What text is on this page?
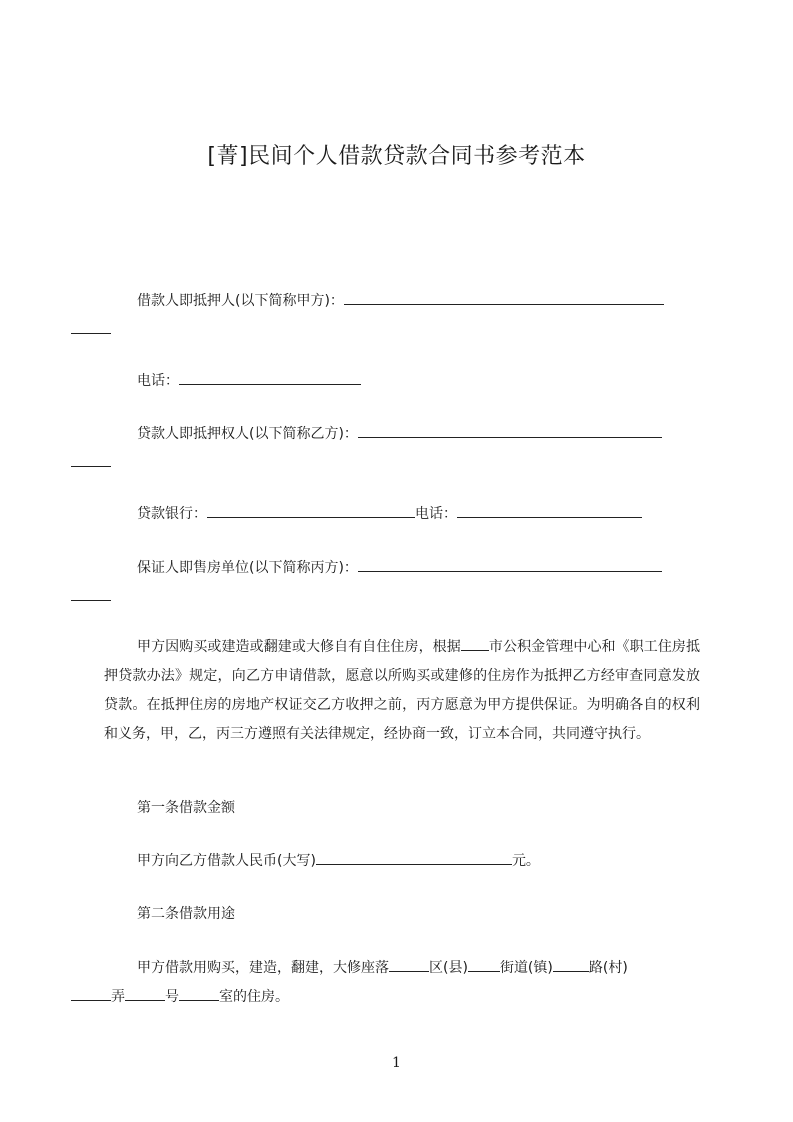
[菁]民间个人借款贷款合同书参考范本
借款人即抵押人(以下简称甲方)：

电话：
贷款人即抵押权人(以下简称乙方)：

贷款银行：	电话：
保证人即售房单位(以下简称丙方)：

甲方因购买或建造或翻建或大修自有自住住房，根据 市公积金管理中心和《职工住房抵押贷款办法》规定，向乙方申请借款，愿意以所购买或建修的住房作为抵押乙方经审查同意发放贷款。在抵押住房的房地产权证交乙方收押之前，丙方愿意为甲方提供保证。为明确各自的权利和义务，甲，乙，丙三方遵照有关法律规定，经协商一致，订立本合同，共同遵守执行。
第一条借款金额
甲方向乙方借款人民币(大写)	元。
第二条借款用途
甲方借款用购买，建造，翻建，大修座落	区(县) 街道(镇)	路(村)
弄	号	室的住房。
1
